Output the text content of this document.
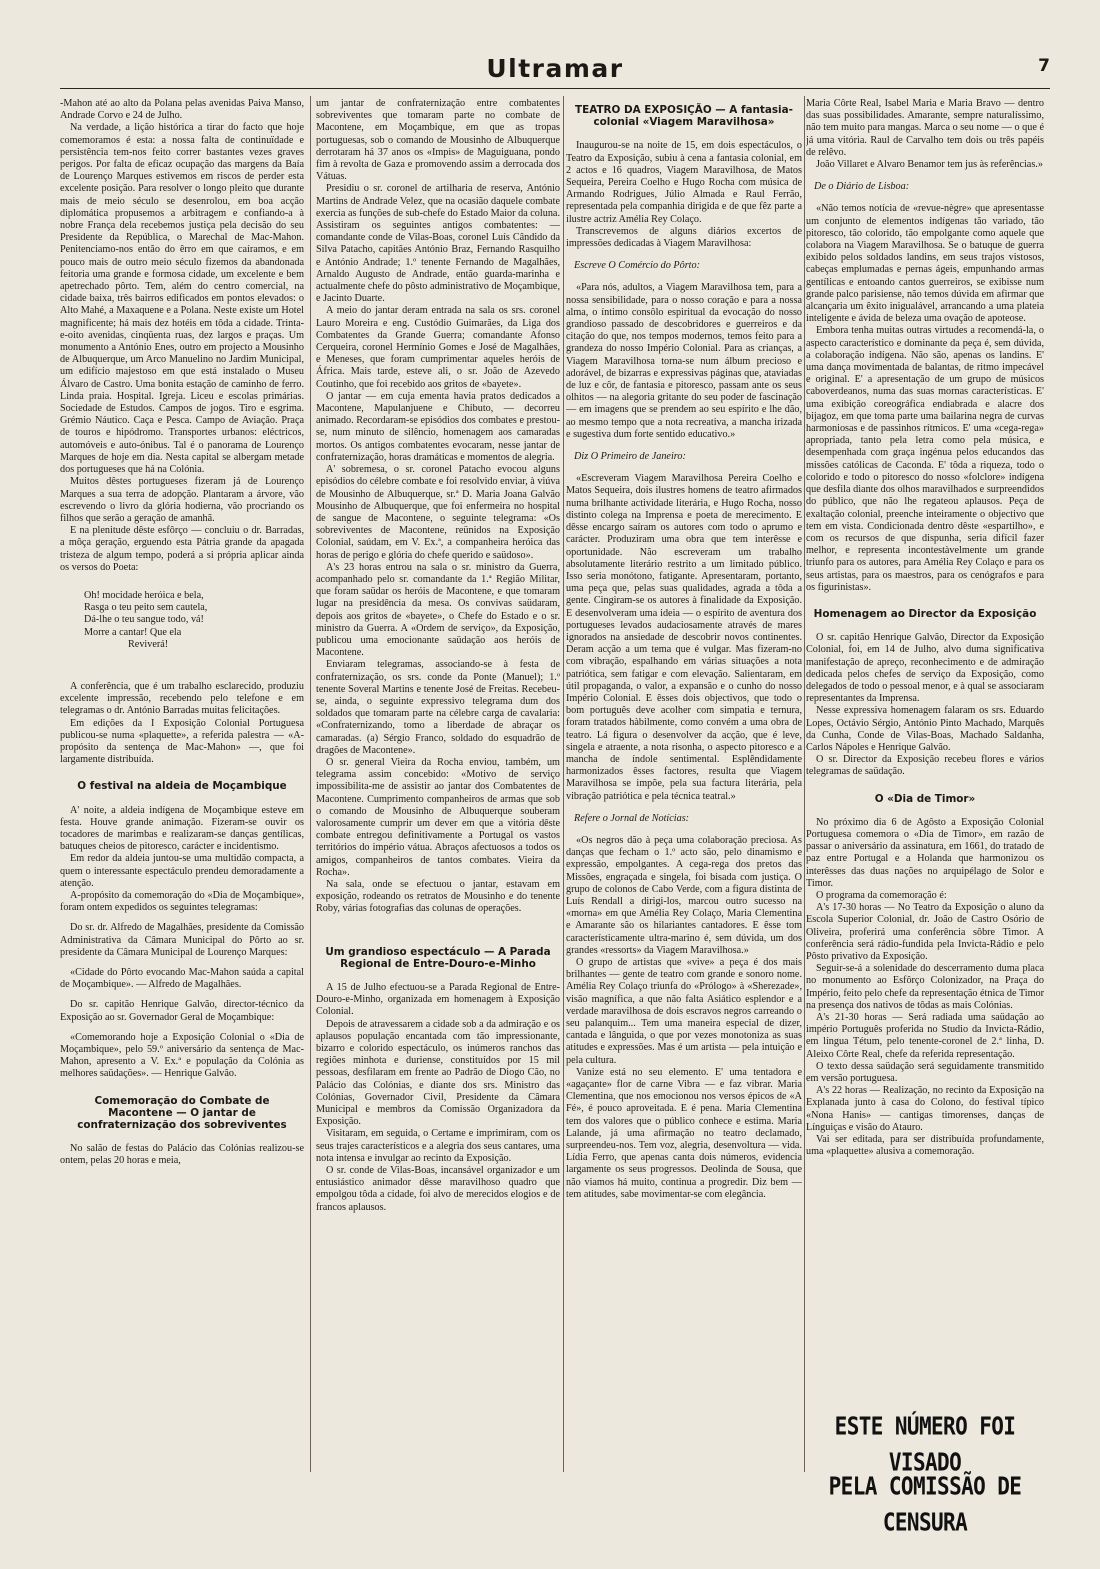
Ultramar	7

-Mahon até ao alto da Polana pelas avenidas Paiva Manso, Andrade Corvo e 24 de Julho.

Na verdade, a lição histórica a tirar do facto que hoje comemoramos é esta: a nossa falta de continuïdade e persistência tem-nos feito correr bastantes vezes graves perigos. Por falta de eficaz ocupação das margens da Baía de Lourenço Marques estivemos em riscos de perder esta excelente posição. Para resolver o longo pleito que durante mais de meio século se desenrolou, em boa acção diplomática propusemos a arbitragem e confiando-a à nobre França dela recebemos justiça pela decisão do seu Presidente da República, o Marechal de Mac-Mahon. Penitenciamo-nos então do êrro em que caíramos, e em pouco mais de outro meio século fizemos da abandonada feitoria uma grande e formosa cidade, um excelente e bem apetrechado pôrto. Tem, além do centro comercial, na cidade baixa, três bairros edificados em pontos elevados: o Alto Mahé, a Maxaquene e a Polana. Neste existe um Hotel magnificente; há mais dez hotéis em tôda a cidade. Trinta-e-oito avenidas, cinqüenta ruas, dez largos e praças. Um monumento a António Enes, outro em projecto a Mousinho de Albuquerque, um Arco Manuelino no Jardim Municipal, um edifício majestoso em que está instalado o Museu Álvaro de Castro. Uma bonita estação de caminho de ferro. Linda praia. Hospital. Igreja. Liceu e escolas primárias. Sociedade de Estudos. Campos de jogos. Tiro e esgrima. Grémio Náutico. Caça e Pesca. Campo de Aviação. Praça de touros e hipódromo. Transportes urbanos: eléctricos, automóveis e auto-ónibus. Tal é o panorama de Lourenço Marques de hoje em dia. Nesta capital se albergam metade dos portugueses que há na Colónia.

Muitos dêstes portugueses fizeram já de Lourenço Marques a sua terra de adopção. Plantaram a árvore, vão escrevendo o livro da glória hodierna, vão procriando os filhos que serão a geração de amanhã.

E na plenitude dêste esfôrço — concluiu o dr. Barradas, a môça geração, erguendo esta Pátria grande da apagada tristeza de algum tempo, poderá a si própria aplicar ainda os versos do Poeta:

Oh! mocidade heróica e bela,
Rasga o teu peito sem cautela,
Dá-lhe o teu sangue todo, vá!
Morre a cantar! Que ela
Reviverá!

A conferência, que é um trabalho esclarecido, produziu excelente impressão, recebendo pelo telefone e em telegramas o dr. António Barradas muitas felicitações.

Em edições da I Exposição Colonial Portuguesa publicou-se numa «plaquette», a referida palestra — «A-propósito da sentença de Mac-Mahon» —, que foi largamente distribuída.

O festival na aldeia de Moçambique

A' noite, a aldeia indígena de Moçambique esteve em festa. Houve grande animação. Fizeram-se ouvir os tocadores de marimbas e realizaram-se danças gentílicas, batuques cheios de pitoresco, carácter e incidentismo.

Em redor da aldeia juntou-se uma multidão compacta, a quem o interessante espectáculo prendeu demoradamente a atenção.

A-propósito da comemoração do «Dia de Moçambique», foram ontem expedidos os seguintes telegramas:

Do sr. dr. Alfredo de Magalhães, presidente da Comissão Administrativa da Câmara Municipal do Pôrto ao sr. presidente da Câmara Municipal de Lourenço Marques:

«Cidade do Pôrto evocando Mac-Mahon saúda a capital de Moçambique». — Alfredo de Magalhães.

Do sr. capitão Henrique Galvão, director-técnico da Exposição ao sr. Governador Geral de Moçambique:

«Comemorando hoje a Exposição Colonial o «Dia de Moçambique», pelo 59.º aniversário da sentença de Mac-Mahon, apresento a V. Ex.ª e população da Colónia as melhores saüdações». — Henrique Galvão.

Comemoração do Combate de Macontene — O jantar de confraternização dos sobreviventes

No salão de festas do Palácio das Colónias realizou-se ontem, pelas 20 horas e meia,

um jantar de confraternização entre combatentes sobreviventes que tomaram parte no combate de Macontene, em Moçambique, em que as tropas portuguesas, sob o comando de Mousinho de Albuquerque derrotaram há 37 anos os «Impis» de Maguiguana, pondo fim à revolta de Gaza e promovendo assim a derrocada dos Vátuas.

Presidiu o sr. coronel de artilharia de reserva, António Martins de Andrade Velez, que na ocasião daquele combate exercia as funções de sub-chefe do Estado Maior da coluna. Assistiram os seguintes antigos combatentes: — comandante conde de Vilas-Boas, coronel Luís Cândido da Silva Patacho, capitães António Braz, Fernando Rasquilho e António Andrade; 1.º tenente Fernando de Magalhães, Arnaldo Augusto de Andrade, então guarda-marinha e actualmente chefe do pôsto administrativo de Moçambique, e Jacinto Duarte.

A meio do jantar deram entrada na sala os srs. coronel Lauro Moreira e eng. Custódio Guimarães, da Liga dos Combatentes da Grande Guerra; comandante Afonso Cerqueira, coronel Hermínio Gomes e José de Magalhães, e Meneses, que foram cumprimentar aqueles heróis de África. Mais tarde, esteve ali, o sr. João de Azevedo Coutinho, que foi recebido aos gritos de «bayete».

O jantar — em cuja ementa havia pratos dedicados a Macontene, Mapulanjuene e Chibuto, — decorreu animado. Recordaram-se episódios dos combates e prestou-se, num minuto de silêncio, homenagem aos camaradas mortos. Os antigos combatentes evocaram, nesse jantar de confraternização, horas dramáticas e momentos de alegria.

A' sobremesa, o sr. coronel Patacho evocou alguns episódios do célebre combate e foi resolvido enviar, à viúva de Mousinho de Albuquerque, sr.ª D. Maria Joana Galvão Mousinho de Albuquerque, que foi enfermeira no hospital de sangue de Macontene, o seguinte telegrama: «Os sobreviventes de Macontene, reünidos na Exposição Colonial, saúdam, em V. Ex.ª, a companheira heróica das horas de perigo e glória do chefe querido e saüdoso».

A's 23 horas entrou na sala o sr. ministro da Guerra, acompanhado pelo sr. comandante da 1.ª Região Militar, que foram saüdar os heróis de Macontene, e que tomaram lugar na presidência da mesa. Os convivas saüdaram, depois aos gritos de «bayete», o Chefe do Estado e o sr. ministro da Guerra. A «Ordem de serviço», da Exposição, publicou uma emocionante saüdação aos heróis de Macontene.

Enviaram telegramas, associando-se à festa de confraternização, os srs. conde da Ponte (Manuel); 1.º tenente Soveral Martins e tenente José de Freitas. Recebeu-se, ainda, o seguinte expressivo telegrama dum dos soldados que tomaram parte na célebre carga de cavalaria: «Confraternizando, tomo a liberdade de abraçar os camaradas. (a) Sérgio Franco, soldado do esquadrão de dragões de Macontene».

O sr. general Vieira da Rocha enviou, também, um telegrama assim concebido: «Motivo de serviço impossibilita-me de assistir ao jantar dos Combatentes de Macontene. Cumprimento companheiros de armas que sob o comando de Mousinho de Albuquerque souberam valorosamente cumprir um dever em que a vitória dêste combate entregou definitivamente a Portugal os vastos territórios do império vátua. Abraços afectuosos a todos os amigos, companheiros de tantos combates. Vieira da Rocha».

Na sala, onde se efectuou o jantar, estavam em exposição, rodeando os retratos de Mousinho e do tenente Roby, várias fotografias das colunas de operações.

Um grandioso espectáculo — A Parada Regional de Entre-Douro-e-Minho

A 15 de Julho efectuou-se a Parada Regional de Entre-Douro-e-Minho, organizada em homenagem à Exposição Colonial.

Depois de atravessarem a cidade sob a da admiração e os aplausos população encantada com tão impressionante, bizarro e colorido espectáculo, os inúmeros ranchos das regiões minhota e duriense, constituídos por 15 mil pessoas, desfilaram em frente ao Padrão de Diogo Cão, no Palácio das Colónias, e diante dos srs. Ministro das Colónias, Governador Civil, Presidente da Câmara Municipal e membros da Comissão Organizadora da Exposição.

Visitaram, em seguida, o Certame e imprimiram, com os seus trajes característicos e a alegria dos seus cantares, uma nota intensa e invulgar ao recinto da Exposição.

O sr. conde de Vilas-Boas, incansável organizador e um entusiástico animador dêsse maravilhoso quadro que empolgou tôda a cidade, foi alvo de merecidos elogios e de francos aplausos.

TEATRO DA EXPOSIÇÃO — A fantasia-colonial «Viagem Maravilhosa»

Inaugurou-se na noite de 15, em dois espectáculos, o Teatro da Exposição, subiu à cena a fantasia colonial, em 2 actos e 16 quadros, Viagem Maravilhosa, de Matos Sequeira, Pereira Coelho e Hugo Rocha com música de Armando Rodrigues, Júlio Almada e Raul Ferrão, representada pela companhia dirigida e de que fêz parte a ilustre actriz Amélia Rey Colaço.

Transcrevemos de alguns diários excertos de impressões dedicadas à Viagem Maravilhosa:

Escreve O Comércio do Pôrto:

«Para nós, adultos, a Viagem Maravilhosa tem, para a nossa sensibilidade, para o nosso coração e para a nossa alma, o íntimo consôlo espiritual da evocação do nosso grandioso passado de descobridores e guerreiros e da citação do que, nos tempos modernos, temos feito para a grandeza do nosso Império Colonial. Para as crianças, a Viagem Maravilhosa torna-se num álbum precioso e adorável, de bizarras e expressivas páginas que, ataviadas de luz e côr, de fantasia e pitoresco, passam ante os seus olhitos — na alegoria gritante do seu poder de fascinação — em imagens que se prendem ao seu espírito e lhe dão, ao mesmo tempo que a nota recreativa, a mancha irizada e sugestiva dum forte sentido educativo.»

Diz O Primeiro de Janeiro:

«Escreveram Viagem Maravilhosa Pereira Coelho e Matos Sequeira, dois ilustres homens de teatro afirmados numa brilhante actividade literária, e Hugo Rocha, nosso distinto colega na Imprensa e poeta de merecimento. E dêsse encargo saíram os autores com todo o aprumo e carácter. Produziram uma obra que tem interêsse e oportunidade. Não escreveram um trabalho absolutamente literário restrito a um limitado público. Isso seria monótono, fatigante. Apresentaram, portanto, uma peça que, pelas suas qualidades, agrada a tôda a gente. Cingiram-se os autores à finalidade da Exposição. E desenvolveram uma ideia — o espírito de aventura dos portugueses levados audaciosamente através de mares ignorados na ansiedade de descobrir novos continentes. Deram acção a um tema que é vulgar. Mas fizeram-no com vibração, espalhando em várias situações a nota patriótica, sem fatigar e com elevação. Salientaram, em útil propaganda, o valor, a expansão e o cunho do nosso Império Colonial. E êsses dois objectivos, que todo o bom português deve acolher com simpatia e ternura, foram tratados hàbilmente, como convém a uma obra de teatro. Lá figura o desenvolver da acção, que é leve, singela e atraente, a nota risonha, o aspecto pitoresco e a mancha de índole sentimental. Esplêndidamente harmonizados êsses factores, resulta que Viagem Maravilhosa se impõe, pela sua factura literária, pela vibração patriótica e pela técnica teatral.»

Refere o Jornal de Notícias:

«Os negros dão à peça uma colaboração preciosa. As danças que fecham o 1.º acto são, pelo dinamismo e expressão, empolgantes. A cega-rega dos pretos das Missões, engraçada e singela, foi bisada com justiça. O grupo de colonos de Cabo Verde, com a figura distinta de Luís Rendall a dirigi-los, marcou outro sucesso na «morna» em que Amélia Rey Colaço, Maria Clementina e Amarante são os hilariantes cantadores. E êsse tom característicamente ultra-marino é, sem dúvida, um dos grandes «ressorts» da Viagem Maravilhosa.»

O grupo de artistas que «vive» a peça é dos mais brilhantes — gente de teatro com grande e sonoro nome. Amélia Rey Colaço triunfa do «Prólogo» à «Sherezade», visão magnífica, a que não falta Asiático esplendor e a verdade maravilhosa de dois escravos negros carreando o seu palanquim... Tem uma maneira especial de dizer, cantada e lânguida, o que por vezes monotoniza as suas atitudes e expressões. Mas é um artista — pela intuição e pela cultura.

Vanize está no seu elemento. E' uma tentadora e «agaçante» flor de carne Vibra — e faz vibrar. Maria Clementina, que nos emocionou nos versos épicos de «A Fé», é pouco aproveitada. E é pena. Maria Clementina tem dos valores que o público conhece e estima. Maria Lalande, já uma afirmação no teatro declamado, surpreendeu-nos. Tem voz, alegria, desenvoltura — vida. Lídia Ferro, que apenas canta dois números, evidencia largamente os seus progressos. Deolinda de Sousa, que não viamos há muito, continua a progredir. Diz bem — tem atitudes, sabe movimentar-se com elegância.

Maria Côrte Real, Isabel Maria e Maria Bravo — dentro das suas possibilidades. Amarante, sempre naturalíssimo, não tem muito para mangas. Marca o seu nome — o que é já uma vitória. Raul de Carvalho tem dois ou três papéis de relêvo.

João Villaret e Alvaro Benamor tem jus às referências.»

De o Diário de Lisboa:

«Não temos notícia de «revue-nègre» que apresentasse um conjunto de elementos indígenas tão variado, tão pitoresco, tão colorido, tão empolgante como aquele que colabora na Viagem Maravilhosa. Se o batuque de guerra exibido pelos soldados landins, em seus trajos vistosos, cabeças emplumadas e pernas ágeis, empunhando armas gentílicas e entoando cantos guerreiros, se exibisse num grande palco parisiense, não temos dúvida em afirmar que alcançaria um êxito inigualável, arrancando a uma plateia inteligente e ávida de beleza uma ovação de apoteose.

Embora tenha muitas outras virtudes a recomendá-la, o aspecto característico e dominante da peça é, sem dúvida, a colaboração indígena. Não são, apenas os landins. E' uma dança movimentada de balantas, de ritmo impecável e original. E' a apresentação de um grupo de músicos caboverdeanos, numa das suas mornas características. E' uma exibição coreográfica endiabrada e alacre dos bijagoz, em que toma parte uma bailarina negra de curvas harmoniosas e de passinhos rítmicos. E' uma «cega-rega» apropriada, tanto pela letra como pela música, e desempenhada com graça ingénua pelos educandos das missões católicas de Caconda. E' tôda a riqueza, todo o colorido e todo o pitoresco do nosso «folclore» indígena que desfila diante dos olhos maravilhados e surpreendidos do público, que não lhe regateou aplausos. Peça de exaltação colonial, preenche inteiramente o objectivo que tem em vista. Condicionada dentro dêste «espartilho», e com os recursos de que dispunha, seria difícil fazer melhor, e representa incontestàvelmente um grande triunfo para os autores, para Amélia Rey Colaço e para os seus artistas, para os maestros, para os cenógrafos e para os figurinistas».

Homenagem ao Director da Exposição

O sr. capitão Henrique Galvão, Director da Exposição Colonial, foi, em 14 de Julho, alvo duma significativa manifestação de apreço, reconhecimento e de admiração dedicada pelos chefes de serviço da Exposição, como delegados de todo o pessoal menor, e à qual se associaram representantes da Imprensa.

Nesse expressiva homenagem falaram os srs. Eduardo Lopes, Octávio Sérgio, António Pinto Machado, Marquês da Cunha, Conde de Vilas-Boas, Machado Saldanha, Carlos Nápoles e Henrique Galvão.

O sr. Director da Exposição recebeu flores e vários telegramas de saüdação.

O «Dia de Timor»

No próximo dia 6 de Agôsto a Exposição Colonial Portuguesa comemora o «Dia de Timor», em razão de passar o aniversário da assinatura, em 1661, do tratado de paz entre Portugal e a Holanda que harmonizou os interêsses das duas nações no arquipélago de Solor e Timor.

O programa da comemoração é:

A's 17-30 horas — No Teatro da Exposição o aluno da Escola Superior Colonial, dr. João de Castro Osório de Oliveira, proferirá uma conferência sôbre Timor. A conferência será rádio-fundida pela Invicta-Rádio e pelo Pôsto privativo da Exposição.

Seguir-se-á a solenidade do descerramento duma placa no monumento ao Esfôrço Colonizador, na Praça do Império, feito pelo chefe da representação étnica de Timor na presença dos nativos de tôdas as mais Colónias.

A's 21-30 horas — Será radiada uma saüdação ao império Português proferida no Studio da Invicta-Rádio, em língua Tétum, pelo tenente-coronel de 2.ª linha, D. Aleixo Côrte Real, chefe da referida representação.

O texto dessa saüdação será seguidamente transmitido em versão portuguesa.

A's 22 horas — Realização, no recinto da Exposição na Explanada junto à casa do Colono, do festival típico «Nona Hanis» — cantigas timorenses, danças de Línguiças e visão do Atauro.

Vai ser editada, para ser distribuída profundamente, uma «plaquette» alusiva a comemoração.

ESTE NÚMERO FOI VISADO
PELA COMISSÃO DE CENSURA
